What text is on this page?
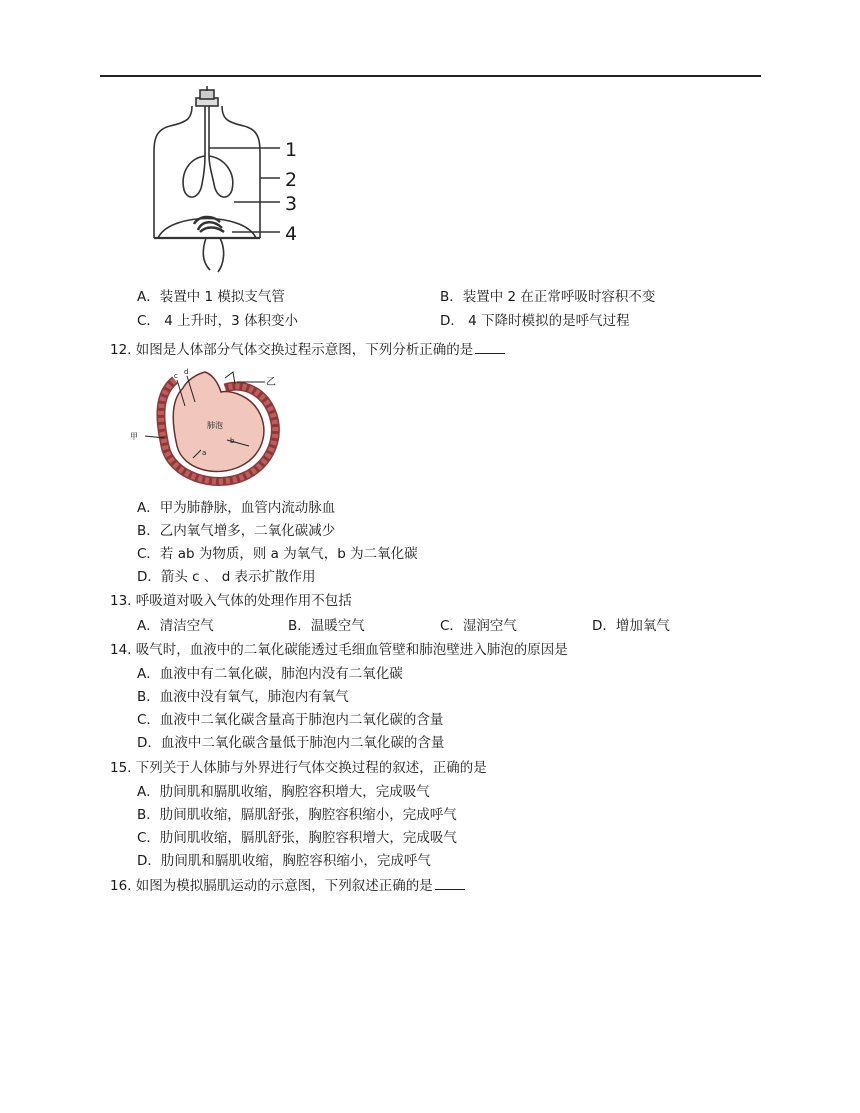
1
2
3
4
A．装置中 1 模拟支气管	B．装置中 2 在正常呼吸时容积不变
C． 4 上升时，3 体积变小	D． 4 下降时模拟的是呼气过程
12. 如图是人体部分气体交换过程示意图，下列分析正确的是
c d
乙
肺泡
甲	b
a
A．甲为肺静脉，血管内流动脉血
B．乙内氧气增多，二氧化碳减少
C．若 ab 为物质，则 a 为氧气，b 为二氧化碳
D．箭头 c 、 d 表示扩散作用
13. 呼吸道对吸入气体的处理作用不包括
A．清洁空气	B．温暖空气	C．湿润空气	D．增加氧气
14. 吸气时，血液中的二氧化碳能透过毛细血管壁和肺泡壁进入肺泡的原因是
A．血液中有二氧化碳，肺泡内没有二氧化碳
B．血液中没有氧气，肺泡内有氧气
C．血液中二氧化碳含量高于肺泡内二氧化碳的含量
D．血液中二氧化碳含量低于肺泡内二氧化碳的含量
15. 下列关于人体肺与外界进行气体交换过程的叙述，正确的是
A．肋间肌和膈肌收缩，胸腔容积增大，完成吸气
B．肋间肌收缩，膈肌舒张，胸腔容积缩小，完成呼气
C．肋间肌收缩，膈肌舒张，胸腔容积增大，完成吸气
D．肋间肌和膈肌收缩，胸腔容积缩小，完成呼气
16. 如图为模拟膈肌运动的示意图，下列叙述正确的是
